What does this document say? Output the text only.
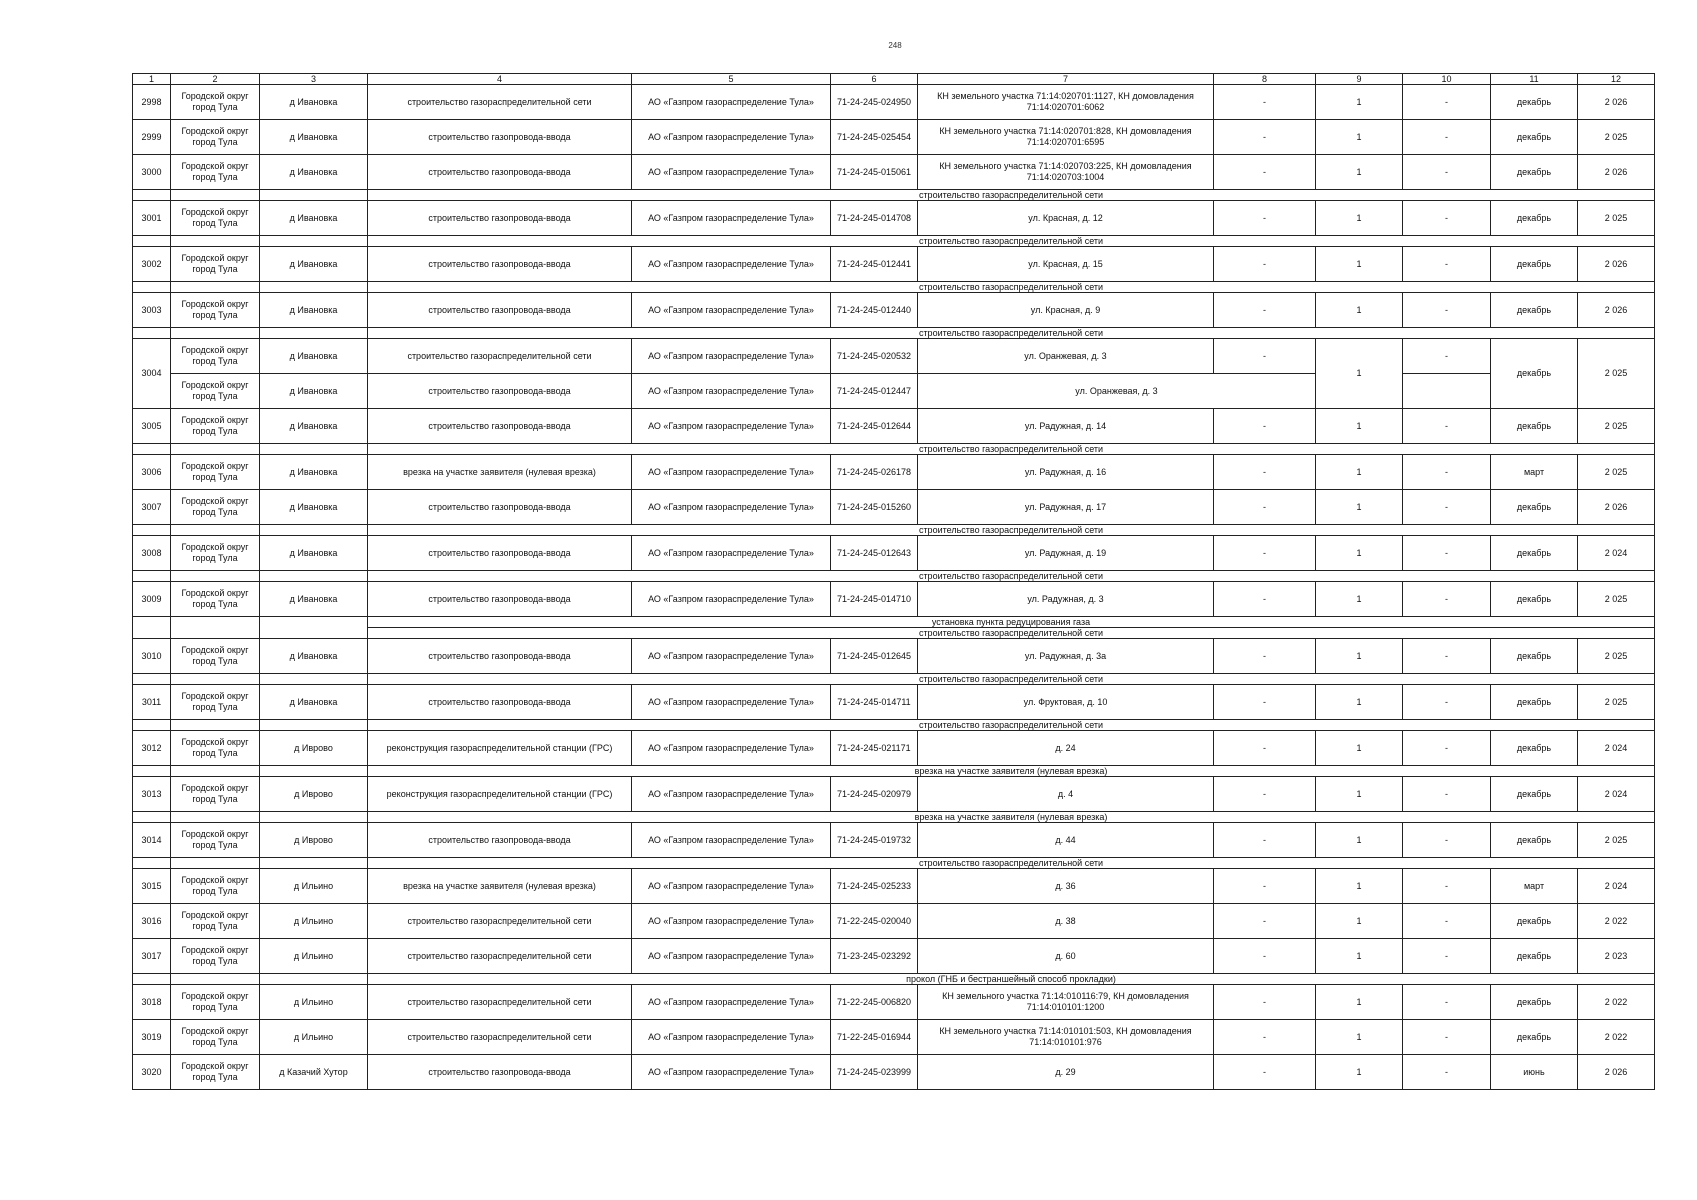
248
1	2	3	4	5	6	7	8	9	10	11	12
2998	Городской округ город Тула	д Ивановка	строительство газораспределительной сети	АО «Газпром газораспределение Тула»	71-24-245-024950	КН земельного участка 71:14:020701:1127, КН домовладения 71:14:020701:6062	-	1	-	декабрь	2 026
2999	Городской округ город Тула	д Ивановка	строительство газопровода-ввода	АО «Газпром газораспределение Тула»	71-24-245-025454	КН земельного участка 71:14:020701:828, КН домовладения 71:14:020701:6595	-	1	-	декабрь	2 025
3000	Городской округ город Тула	д Ивановка	строительство газопровода-ввода	АО «Газпром газораспределение Тула»	71-24-245-015061	КН земельного участка 71:14:020703:225, КН домовладения 71:14:020703:1004	-	1	-	декабрь	2 026
			строительство газораспределительной сети								
3001	Городской округ город Тула	д Ивановка	строительство газопровода-ввода	АО «Газпром газораспределение Тула»	71-24-245-014708	ул. Красная, д. 12	-	1	-	декабрь	2 025
			строительство газораспределительной сети								
3002	Городской округ город Тула	д Ивановка	строительство газопровода-ввода	АО «Газпром газораспределение Тула»	71-24-245-012441	ул. Красная, д. 15	-	1	-	декабрь	2 026
			строительство газораспределительной сети								
3003	Городской округ город Тула	д Ивановка	строительство газопровода-ввода	АО «Газпром газораспределение Тула»	71-24-245-012440	ул. Красная, д. 9	-	1	-	декабрь	2 026
			строительство газораспределительной сети								
3004	Городской округ город Тула	д Ивановка	строительство газораспределительной сети	АО «Газпром газораспределение Тула»	71-24-245-020532	ул. Оранжевая, д. 3	-	1	-	декабрь	2 025
	Городской округ город Тула	д Ивановка	строительство газопровода-ввода	АО «Газпром газораспределение Тула»	71-24-245-012447	ул. Оранжевая, д. 3					
3005	Городской округ город Тула	д Ивановка	строительство газопровода-ввода	АО «Газпром газораспределение Тула»	71-24-245-012644	ул. Радужная, д. 14	-	1	-	декабрь	2 025
			строительство газораспределительной сети								
3006	Городской округ город Тула	д Ивановка	врезка на участке заявителя (нулевая врезка)	АО «Газпром газораспределение Тула»	71-24-245-026178	ул. Радужная, д. 16	-	1	-	март	2 025
3007	Городской округ город Тула	д Ивановка	строительство газопровода-ввода	АО «Газпром газораспределение Тула»	71-24-245-015260	ул. Радужная, д. 17	-	1	-	декабрь	2 026
			строительство газораспределительной сети								
3008	Городской округ город Тула	д Ивановка	строительство газопровода-ввода	АО «Газпром газораспределение Тула»	71-24-245-012643	ул. Радужная, д. 19	-	1	-	декабрь	2 024
			строительство газораспределительной сети								
3009	Городской округ город Тула	д Ивановка	строительство газопровода-ввода	АО «Газпром газораспределение Тула»	71-24-245-014710	ул. Радужная, д. 3	-	1	-	декабрь	2 025
			установка пункта редуцирования газа								
			строительство газораспределительной сети								
3010	Городской округ город Тула	д Ивановка	строительство газопровода-ввода	АО «Газпром газораспределение Тула»	71-24-245-012645	ул. Радужная, д. 3а	-	1	-	декабрь	2 025
			строительство газораспределительной сети								
3011	Городской округ город Тула	д Ивановка	строительство газопровода-ввода	АО «Газпром газораспределение Тула»	71-24-245-014711	ул. Фруктовая, д. 10	-	1	-	декабрь	2 025
			строительство газораспределительной сети								
3012	Городской округ город Тула	д Иврово	реконструкция газораспределительной станции (ГРС)	АО «Газпром газораспределение Тула»	71-24-245-021171	д. 24	-	1	-	декабрь	2 024
			врезка на участке заявителя (нулевая врезка)								
3013	Городской округ город Тула	д Иврово	реконструкция газораспределительной станции (ГРС)	АО «Газпром газораспределение Тула»	71-24-245-020979	д. 4	-	1	-	декабрь	2 024
			врезка на участке заявителя (нулевая врезка)								
3014	Городской округ город Тула	д Иврово	строительство газопровода-ввода	АО «Газпром газораспределение Тула»	71-24-245-019732	д. 44	-	1	-	декабрь	2 025
			строительство газораспределительной сети								
3015	Городской округ город Тула	д Ильино	врезка на участке заявителя (нулевая врезка)	АО «Газпром газораспределение Тула»	71-24-245-025233	д. 36	-	1	-	март	2 024
3016	Городской округ город Тула	д Ильино	строительство газораспределительной сети	АО «Газпром газораспределение Тула»	71-22-245-020040	д. 38	-	1	-	декабрь	2 022
3017	Городской округ город Тула	д Ильино	строительство газораспределительной сети	АО «Газпром газораспределение Тула»	71-23-245-023292	д. 60	-	1	-	декабрь	2 023
			прокол (ГНБ и бестраншейный способ прокладки)								
3018	Городской округ город Тула	д Ильино	строительство газораспределительной сети	АО «Газпром газораспределение Тула»	71-22-245-006820	КН земельного участка 71:14:010116:79, КН домовладения 71:14:010101:1200	-	1	-	декабрь	2 022
3019	Городской округ город Тула	д Ильино	строительство газораспределительной сети	АО «Газпром газораспределение Тула»	71-22-245-016944	КН земельного участка 71:14:010101:503, КН домовладения 71:14:010101:976	-	1	-	декабрь	2 022
3020	Городской округ город Тула	д Казачий Хутор	строительство газопровода-ввода	АО «Газпром газораспределение Тула»	71-24-245-023999	д. 29	-	1	-	июнь	2 026
